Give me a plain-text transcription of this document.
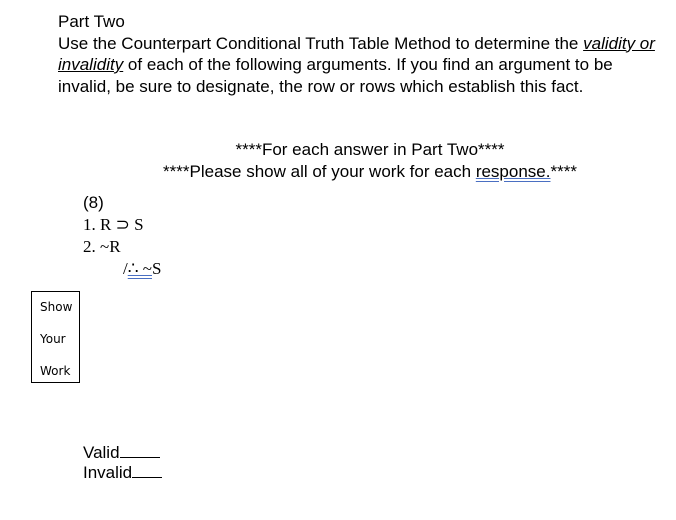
Part Two

Use the Counterpart Conditional Truth Table Method to determine the validity or invalidity of each of the following arguments. If you find an argument to be invalid, be sure to designate, the row or rows which establish this fact.

****For each answer in Part Two****

****Please show all of your work for each response.****

(8)
1. R ⊃ S
2. ~R
/∴ ~S
Show
Your
Work
Valid
Invalid
